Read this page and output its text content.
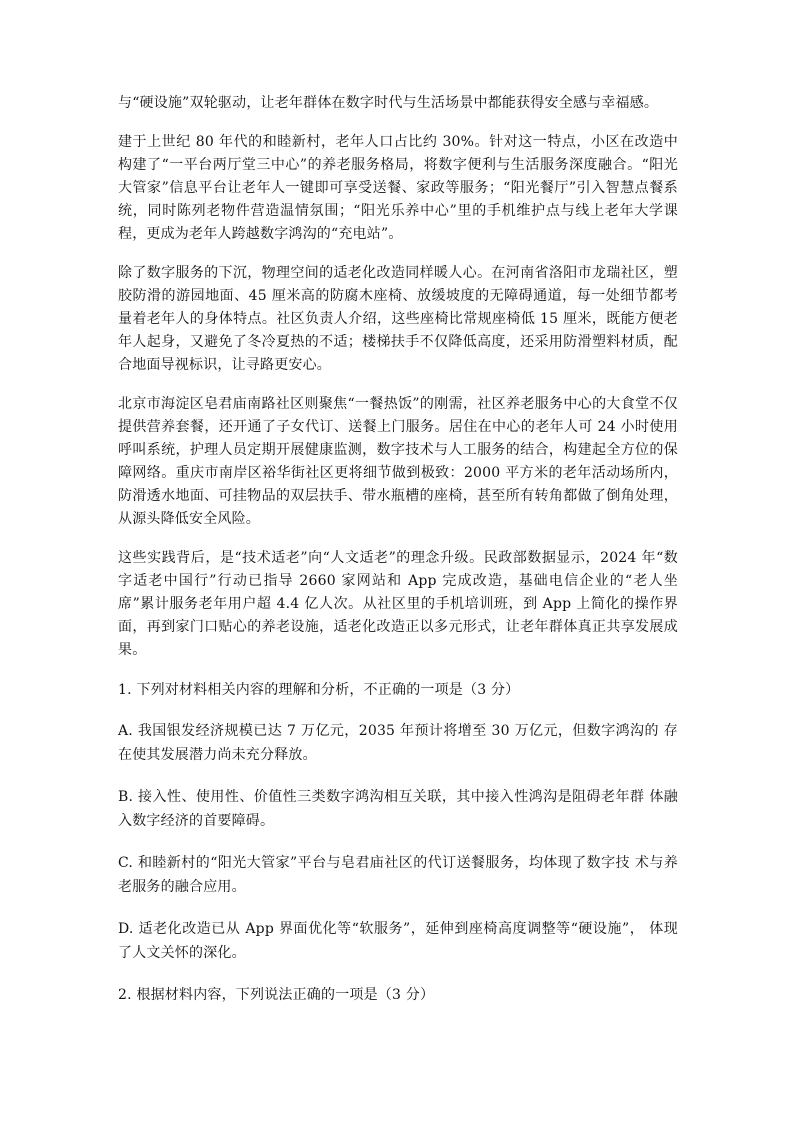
与“硬设施”双轮驱动，让老年群体在数字时代与生活场景中都能获得安全感与幸福感。

建于上世纪 80 年代的和睦新村，老年人口占比约 30%。针对这一特点，小区在改造中构建了“一平台两厅堂三中心”的养老服务格局，将数字便利与生活服务深度融合。“阳光大管家”信息平台让老年人一键即可享受送餐、家政等服务；“阳光餐厅”引入智慧点餐系统，同时陈列老物件营造温情氛围；“阳光乐养中心”里的手机维护点与线上老年大学课程，更成为老年人跨越数字鸿沟的“充电站”。

除了数字服务的下沉，物理空间的适老化改造同样暖人心。在河南省洛阳市龙瑞社区，塑胶防滑的游园地面、45 厘米高的防腐木座椅、放缓坡度的无障碍通道，每一处细节都考量着老年人的身体特点。社区负责人介绍，这些座椅比常规座椅低 15 厘米，既能方便老年人起身，又避免了冬冷夏热的不适；楼梯扶手不仅降低高度，还采用防滑塑料材质，配合地面导视标识，让寻路更安心。

北京市海淀区皂君庙南路社区则聚焦“一餐热饭”的刚需，社区养老服务中心的大食堂不仅提供营养套餐，还开通了子女代订、送餐上门服务。居住在中心的老年人可 24 小时使用呼叫系统，护理人员定期开展健康监测，数字技术与人工服务的结合，构建起全方位的保障网络。重庆市南岸区裕华街社区更将细节做到极致：2000 平方米的老年活动场所内，防滑透水地面、可挂物品的双层扶手、带水瓶槽的座椅，甚至所有转角都做了倒角处理，从源头降低安全风险。

这些实践背后，是“技术适老”向“人文适老”的理念升级。民政部数据显示，2024 年“数字适老中国行”行动已指导 2660 家网站和 App 完成改造，基础电信企业的“老人坐席”累计服务老年用户超 4.4 亿人次。从社区里的手机培训班，到 App 上简化的操作界面，再到家门口贴心的养老设施，适老化改造正以多元形式，让老年群体真正共享发展成果。

1. 下列对材料相关内容的理解和分析，不正确的一项是（3 分）

A. 我国银发经济规模已达 7 万亿元，2035 年预计将增至 30 万亿元，但数字鸿沟的 存在使其发展潜力尚未充分释放。

B. 接入性、使用性、价值性三类数字鸿沟相互关联，其中接入性鸿沟是阻碍老年群 体融入数字经济的首要障碍。

C. 和睦新村的“阳光大管家”平台与皂君庙社区的代订送餐服务，均体现了数字技 术与养老服务的融合应用。

D. 适老化改造已从 App 界面优化等“软服务”，延伸到座椅高度调整等“硬设施”， 体现了人文关怀的深化。

2. 根据材料内容，下列说法正确的一项是（3 分）
